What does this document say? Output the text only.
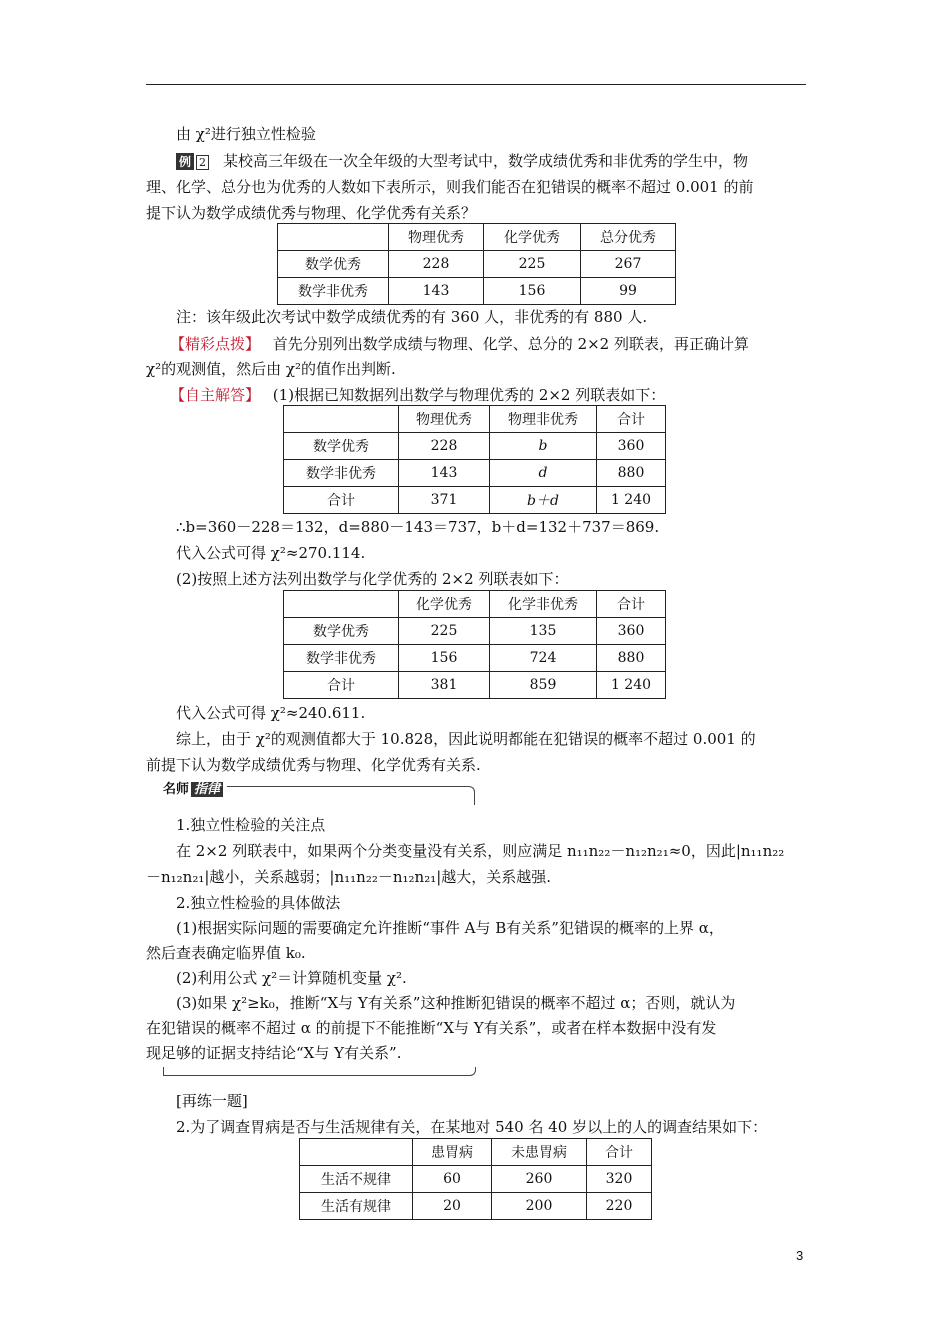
由 χ²进行独立性检验
例 2 某校高三年级在一次全年级的大型考试中，数学成绩优秀和非优秀的学生中，物
理、化学、总分也为优秀的人数如下表所示，则我们能否在犯错误的概率不超过 0.001 的前
提下认为数学成绩优秀与物理、化学优秀有关系？
	物理优秀	化学优秀	总分优秀
数学优秀	228	225	267
数学非优秀	143	156	99
注：该年级此次考试中数学成绩优秀的有 360 人，非优秀的有 880 人.
【精彩点拨】 首先分别列出数学成绩与物理、化学、总分的 2×2 列联表，再正确计算
χ²的观测值，然后由 χ²的值作出判断.
【自主解答】 (1)根据已知数据列出数学与物理优秀的 2×2 列联表如下：
	物理优秀	物理非优秀	合计
数学优秀	228	b	360
数学非优秀	143	d	880
合计	371	b＋d	1 240
∴b=360－228＝132，d=880－143＝737，b＋d=132＋737＝869.
代入公式可得 χ²≈270.114.
(2)按照上述方法列出数学与化学优秀的 2×2 列联表如下：
	化学优秀	化学非优秀	合计
数学优秀	225	135	360
数学非优秀	156	724	880
合计	381	859	1 240
代入公式可得 χ²≈240.611.
综上，由于 χ²的观测值都大于 10.828，因此说明都能在犯错误的概率不超过 0.001 的
前提下认为数学成绩优秀与物理、化学优秀有关系.
名师 指律
1.独立性检验的关注点
在 2×2 列联表中，如果两个分类变量没有关系，则应满足 n₁₁n₂₂－n₁₂n₂₁≈0，因此|n₁₁n₂₂
－n₁₂n₂₁|越小，关系越弱；|n₁₁n₂₂－n₁₂n₂₁|越大，关系越强.
2.独立性检验的具体做法
(1)根据实际问题的需要确定允许推断“事件 A与 B有关系”犯错误的概率的上界 α，
然后查表确定临界值 k₀.
(2)利用公式 χ²＝计算随机变量 χ².
(3)如果 χ²≥k₀，推断“X与 Y有关系”这种推断犯错误的概率不超过 α；否则，就认为
在犯错误的概率不超过 α 的前提下不能推断“X与 Y有关系”，或者在样本数据中没有发
现足够的证据支持结论“X与 Y有关系”.
[再练一题]
2.为了调查胃病是否与生活规律有关，在某地对 540 名 40 岁以上的人的调查结果如下：
	患胃病	未患胃病	合计
生活不规律	60	260	320
生活有规律	20	200	220
3
